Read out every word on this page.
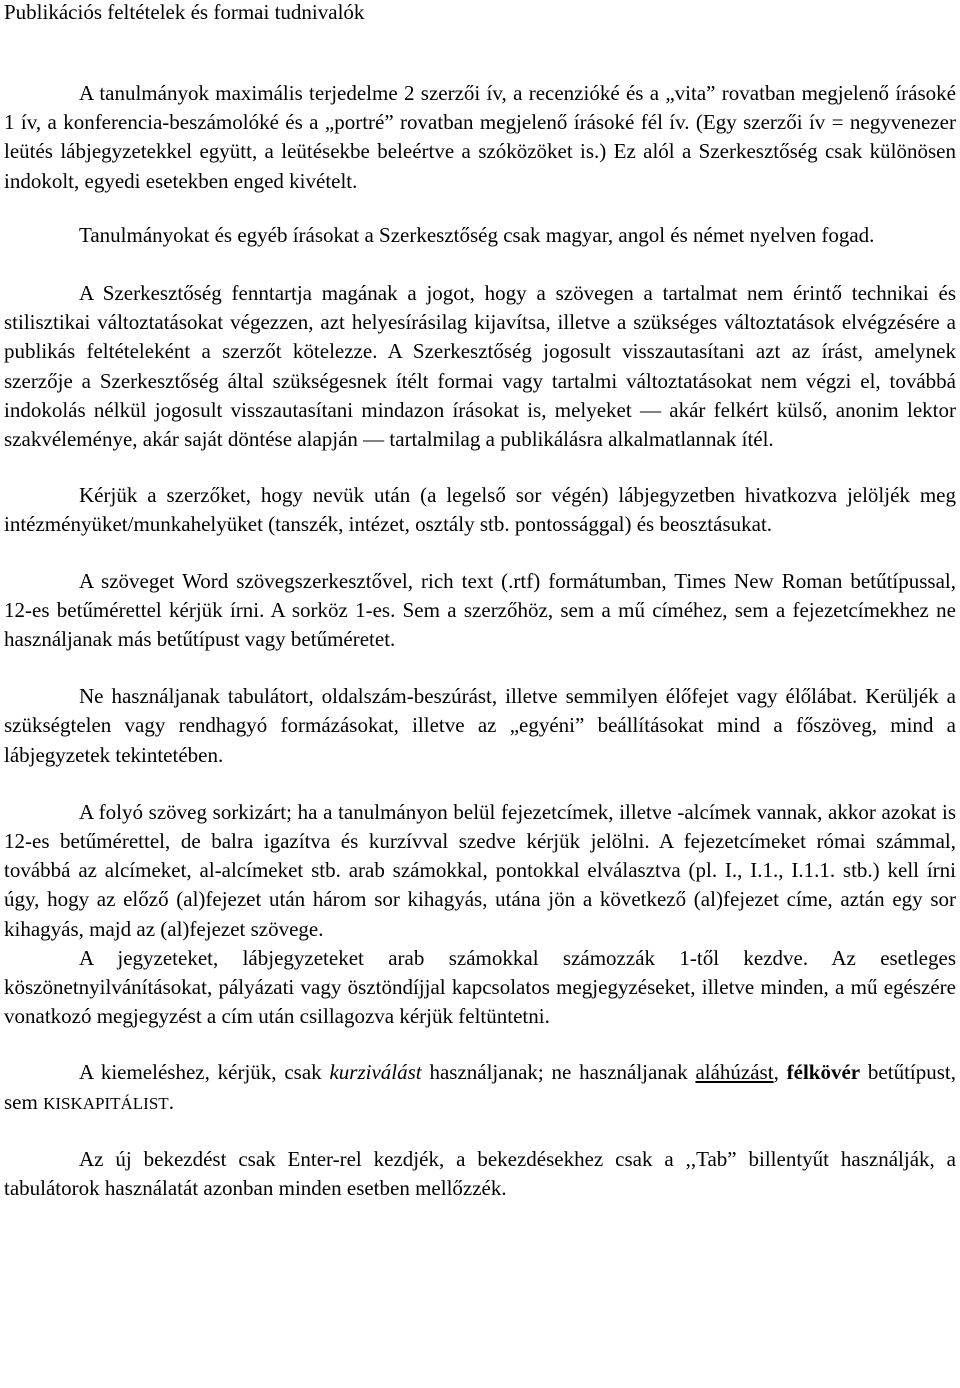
Publikációs feltételek és formai tudnivalók

A tanulmányok maximális terjedelme 2 szerzői ív, a recenzióké és a „vita” rovatban megjelenő írásoké 1 ív, a konferencia-beszámolóké és a „portré” rovatban megjelenő írásoké fél ív. (Egy szerzői ív = negyvenezer leütés lábjegyzetekkel együtt, a leütésekbe beleértve a szóközöket is.) Ez alól a Szerkesztőség csak különösen indokolt, egyedi esetekben enged kivételt.

Tanulmányokat és egyéb írásokat a Szerkesztőség csak magyar, angol és német nyelven fogad.

A Szerkesztőség fenntartja magának a jogot, hogy a szövegen a tartalmat nem érintő technikai és stilisztikai változtatásokat végezzen, azt helyesírásilag kijavítsa, illetve a szükséges változtatások elvégzésére a publikás feltételeként a szerzőt kötelezze. A Szerkesztőség jogosult visszautasítani azt az írást, amelynek szerzője a Szerkesztőség által szükségesnek ítélt formai vagy tartalmi változtatásokat nem végzi el, továbbá indokolás nélkül jogosult visszautasítani mindazon írásokat is, melyeket — akár felkért külső, anonim lektor szakvéleménye, akár saját döntése alapján — tartalmilag a publikálásra alkalmatlannak ítél.

Kérjük a szerzőket, hogy nevük után (a legelső sor végén) lábjegyzetben hivatkozva jelöljék meg intézményüket/munkahelyüket (tanszék, intézet, osztály stb. pontossággal) és beosztásukat.

A szöveget Word szövegszerkesztővel, rich text (.rtf) formátumban, Times New Roman betűtípussal, 12-es betűmérettel kérjük írni. A sorköz 1-es. Sem a szerzőhöz, sem a mű címéhez, sem a fejezetcímekhez ne használjanak más betűtípust vagy betűméretet.

Ne használjanak tabulátort, oldalszám-beszúrást, illetve semmilyen élőfejet vagy élőlábat. Kerüljék a szükségtelen vagy rendhagyó formázásokat, illetve az „egyéni” beállításokat mind a főszöveg, mind a lábjegyzetek tekintetében.

A folyó szöveg sorkizárt; ha a tanulmányon belül fejezetcímek, illetve -alcímek vannak, akkor azokat is 12-es betűmérettel, de balra igazítva és kurzívval szedve kérjük jelölni. A fejezetcímeket római számmal, továbbá az alcímeket, al-alcímeket stb. arab számokkal, pontokkal elválasztva (pl. I., I.1., I.1.1. stb.) kell írni úgy, hogy az előző (al)fejezet után három sor kihagyás, utána jön a következő (al)fejezet címe, aztán egy sor kihagyás, majd az (al)fejezet szövege.

A jegyzeteket, lábjegyzeteket arab számokkal számozzák 1-től kezdve. Az esetleges köszönetnyilvánításokat, pályázati vagy ösztöndíjjal kapcsolatos megjegyzéseket, illetve minden, a mű egészére vonatkozó megjegyzést a cím után csillagozva kérjük feltüntetni.

A kiemeléshez, kérjük, csak kurziválást használjanak; ne használjanak aláhúzást, félkövér betűtípust, sem KISKAPITÁLIST.

Az új bekezdést csak Enter-rel kezdjék, a bekezdésekhez csak a ,,Tab” billentyűt használják, a tabulátorok használatát azonban minden esetben mellőzzék.
